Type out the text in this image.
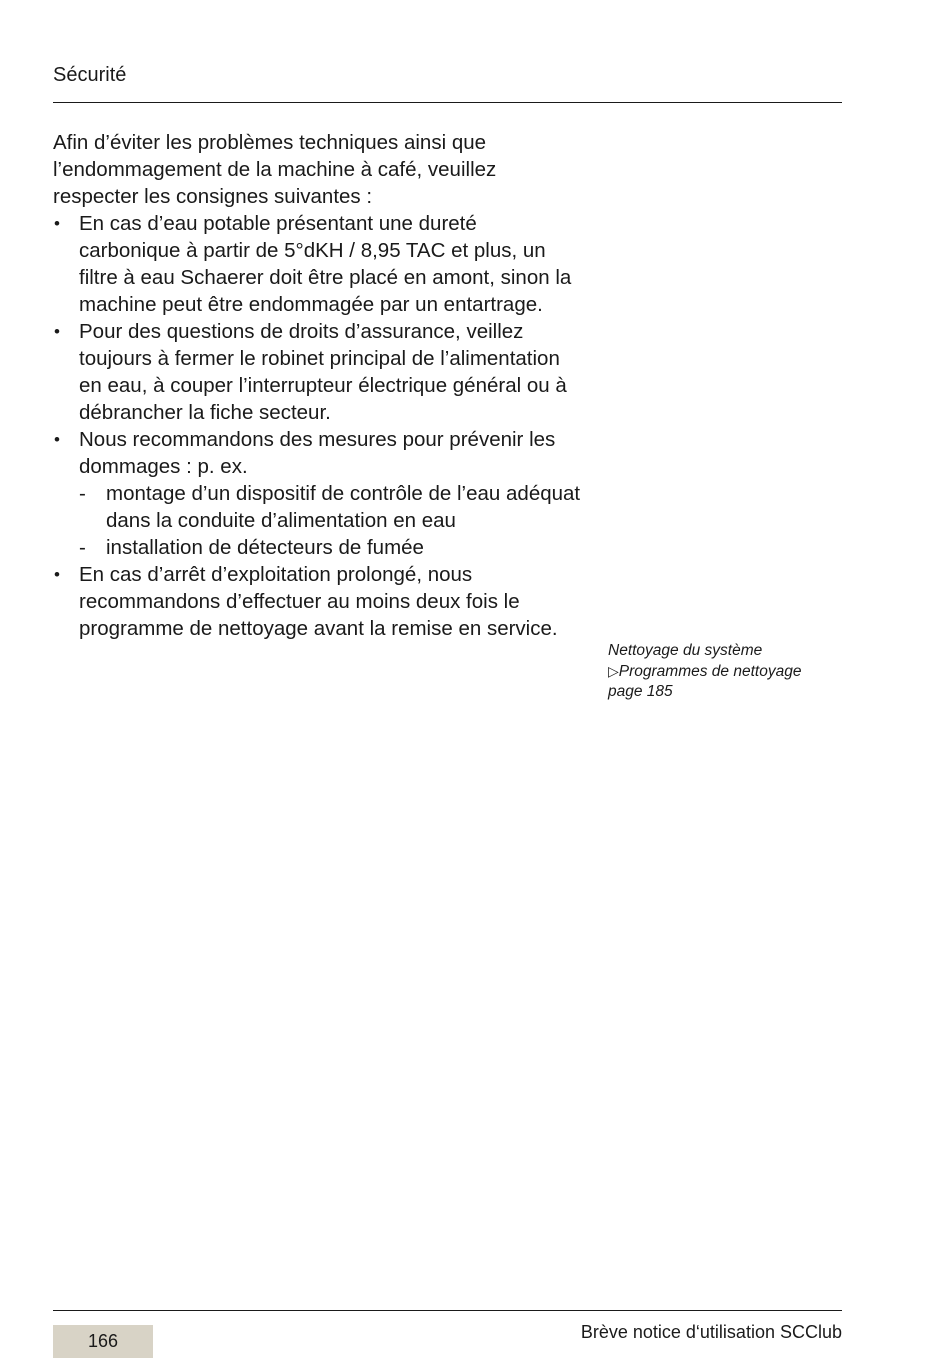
Sécurité

Afin d’éviter les problèmes techniques ainsi que l’endommagement de la machine à café, veuillez respecter les consignes suivantes :

• En cas d’eau potable présentant une dureté carbonique à partir de 5°dKH / 8,95 TAC et plus, un filtre à eau Schaerer doit être placé en amont, sinon la machine peut être endommagée par un entartrage.
• Pour des questions de droits d’assurance, veillez toujours à fermer le robinet principal de l’alimentation en eau, à couper l’interrupteur électrique général ou à débrancher la fiche secteur.
• Nous recommandons des mesures pour prévenir les dommages : p. ex.
- montage d’un dispositif de contrôle de l’eau adéquat dans la conduite d’alimentation en eau
- installation de détecteurs de fumée
• En cas d’arrêt d’exploitation prolongé, nous recommandons d’effectuer au moins deux fois le programme de nettoyage avant la remise en service.
Nettoyage du système
▷Programmes de nettoyage
page 185
166	Brève notice d‘utilisation SCClub
